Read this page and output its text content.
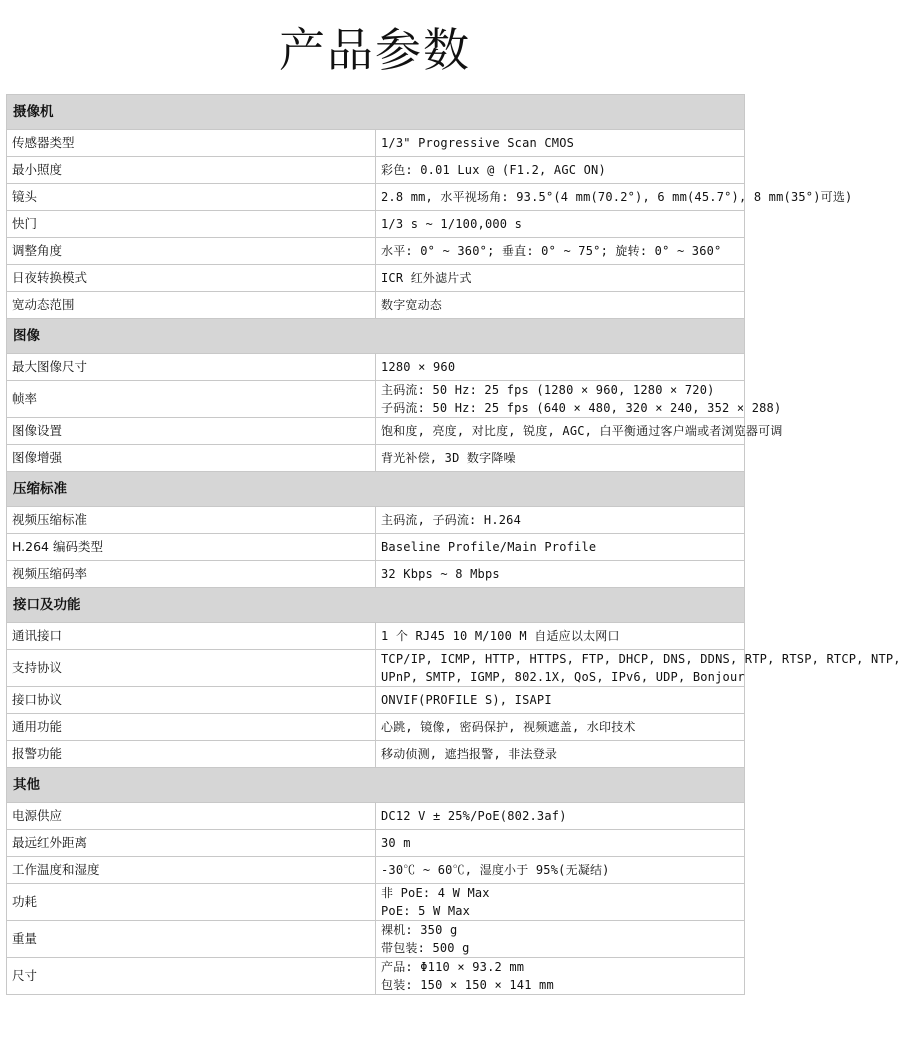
产品参数
摄像机	
传感器类型	1/3" Progressive Scan CMOS

最小照度	彩色: 0.01 Lux @ (F1.2, AGC ON)

镜头	2.8 mm, 水平视场角: 93.5°(4 mm(70.2°), 6 mm(45.7°), 8 mm(35°)可选)

快门	1/3 s ~ 1/100,000 s

调整角度	水平: 0° ~ 360°; 垂直: 0° ~ 75°; 旋转: 0° ~ 360°

日夜转换模式	ICR 红外滤片式

宽动态范围	数字宽动态

图像	
最大图像尺寸	1280 × 960

帧率	主码流: 50 Hz: 25 fps (1280 × 960, 1280 × 720)
子码流: 50 Hz: 25 fps (640 × 480, 320 × 240, 352 × 288)

图像设置	饱和度, 亮度, 对比度, 锐度, AGC, 白平衡通过客户端或者浏览器可调

图像增强	背光补偿, 3D 数字降噪

压缩标准	
视频压缩标准	主码流, 子码流: H.264

H.264 编码类型	Baseline Profile/Main Profile

视频压缩码率	32 Kbps ~ 8 Mbps

接口及功能	
通讯接口	1 个 RJ45 10 M/100 M 自适应以太网口

支持协议	TCP/IP, ICMP, HTTP, HTTPS, FTP, DHCP, DNS, DDNS, RTP, RTSP, RTCP, NTP,
UPnP, SMTP, IGMP, 802.1X, QoS, IPv6, UDP, Bonjour

接口协议	ONVIF(PROFILE S), ISAPI

通用功能	心跳, 镜像, 密码保护, 视频遮盖, 水印技术

报警功能	移动侦测, 遮挡报警, 非法登录

其他	
电源供应	DC12 V ± 25%/PoE(802.3af)

最远红外距离	30 m

工作温度和湿度	-30℃ ~ 60℃, 湿度小于 95%(无凝结)

功耗	非 PoE: 4 W Max
PoE: 5 W Max

重量	裸机: 350 g
带包装: 500 g

尺寸	产品: Φ110 × 93.2 mm
包装: 150 × 150 × 141 mm
